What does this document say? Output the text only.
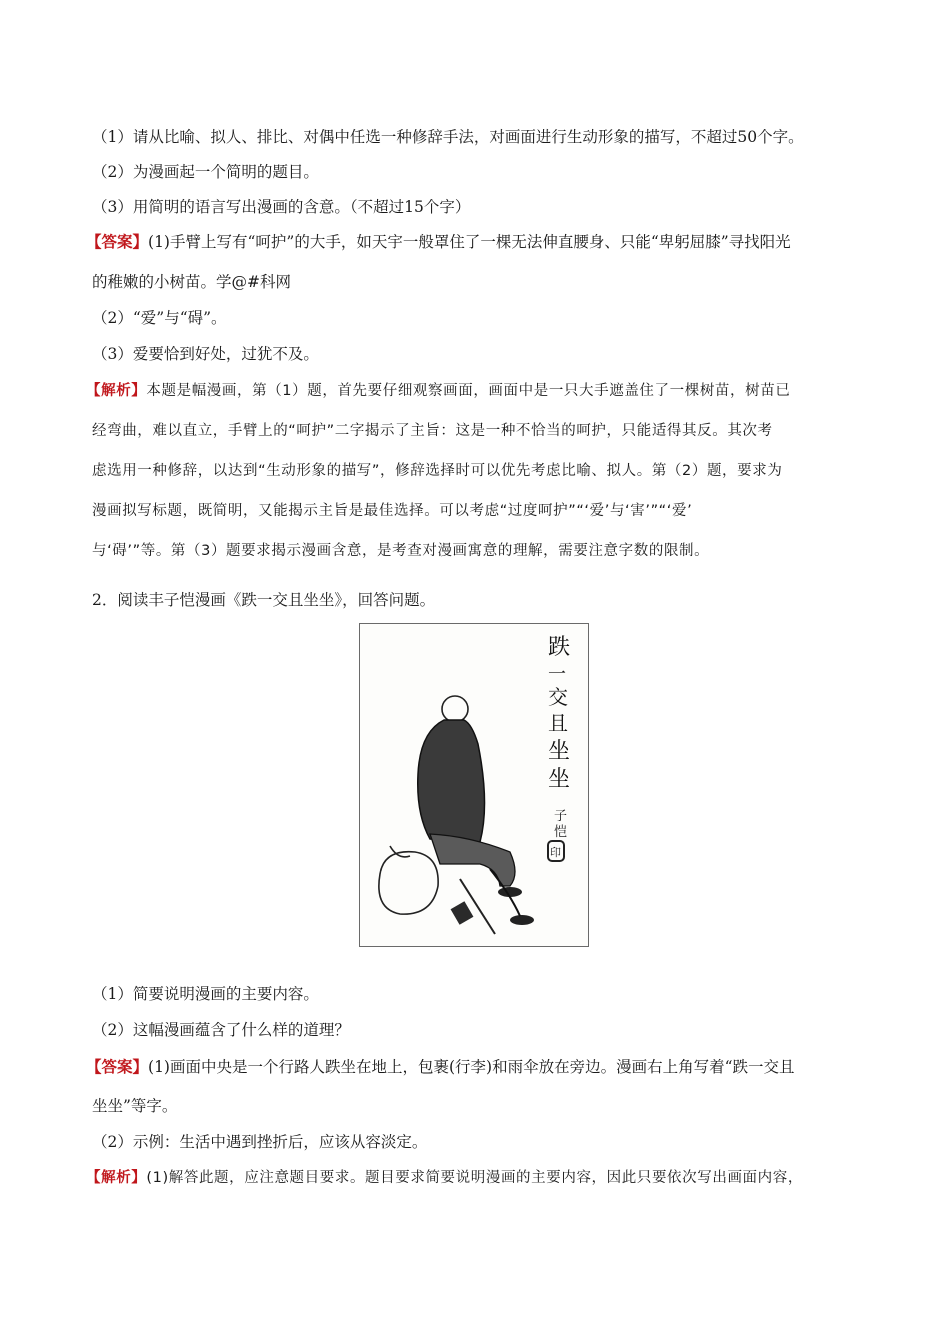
（1）请从比喻、拟人、排比、对偶中任选一种修辞手法，对画面进行生动形象的描写，不超过50个字。
（2）为漫画起一个简明的题目。
（3）用简明的语言写出漫画的含意。（不超过15个字）
【答案】(1)手臂上写有“呵护”的大手，如天宇一般罩住了一棵无法伸直腰身、只能“卑躬屈膝”寻找阳光
的稚嫩的小树苗。学@#科网
（2）“爱”与“碍”。
（3）爱要恰到好处，过犹不及。
【解析】本题是幅漫画，第（1）题，首先要仔细观察画面，画面中是一只大手遮盖住了一棵树苗，树苗已
经弯曲，难以直立，手臂上的“呵护”二字揭示了主旨：这是一种不恰当的呵护，只能适得其反。其次考
虑选用一种修辞，以达到“生动形象的描写”，修辞选择时可以优先考虑比喻、拟人。第（2）题，要求为
漫画拟写标题，既简明，又能揭示主旨是最佳选择。可以考虑“过度呵护”“‘爱’与‘害’”“‘爱’
与‘碍’”等。第（3）题要求揭示漫画含意，是考查对漫画寓意的理解，需要注意字数的限制。
2．阅读丰子恺漫画《跌一交且坐坐》，回答问题。
跌
一
交
且
坐
坐
子
恺
印
（1）简要说明漫画的主要内容。
（2）这幅漫画蕴含了什么样的道理？
【答案】(1)画面中央是一个行路人跌坐在地上，包裹(行李)和雨伞放在旁边。漫画右上角写着“跌一交且
坐坐”等字。
（2）示例：生活中遇到挫折后，应该从容淡定。
【解析】(1)解答此题，应注意题目要求。题目要求简要说明漫画的主要内容，因此只要依次写出画面内容，
